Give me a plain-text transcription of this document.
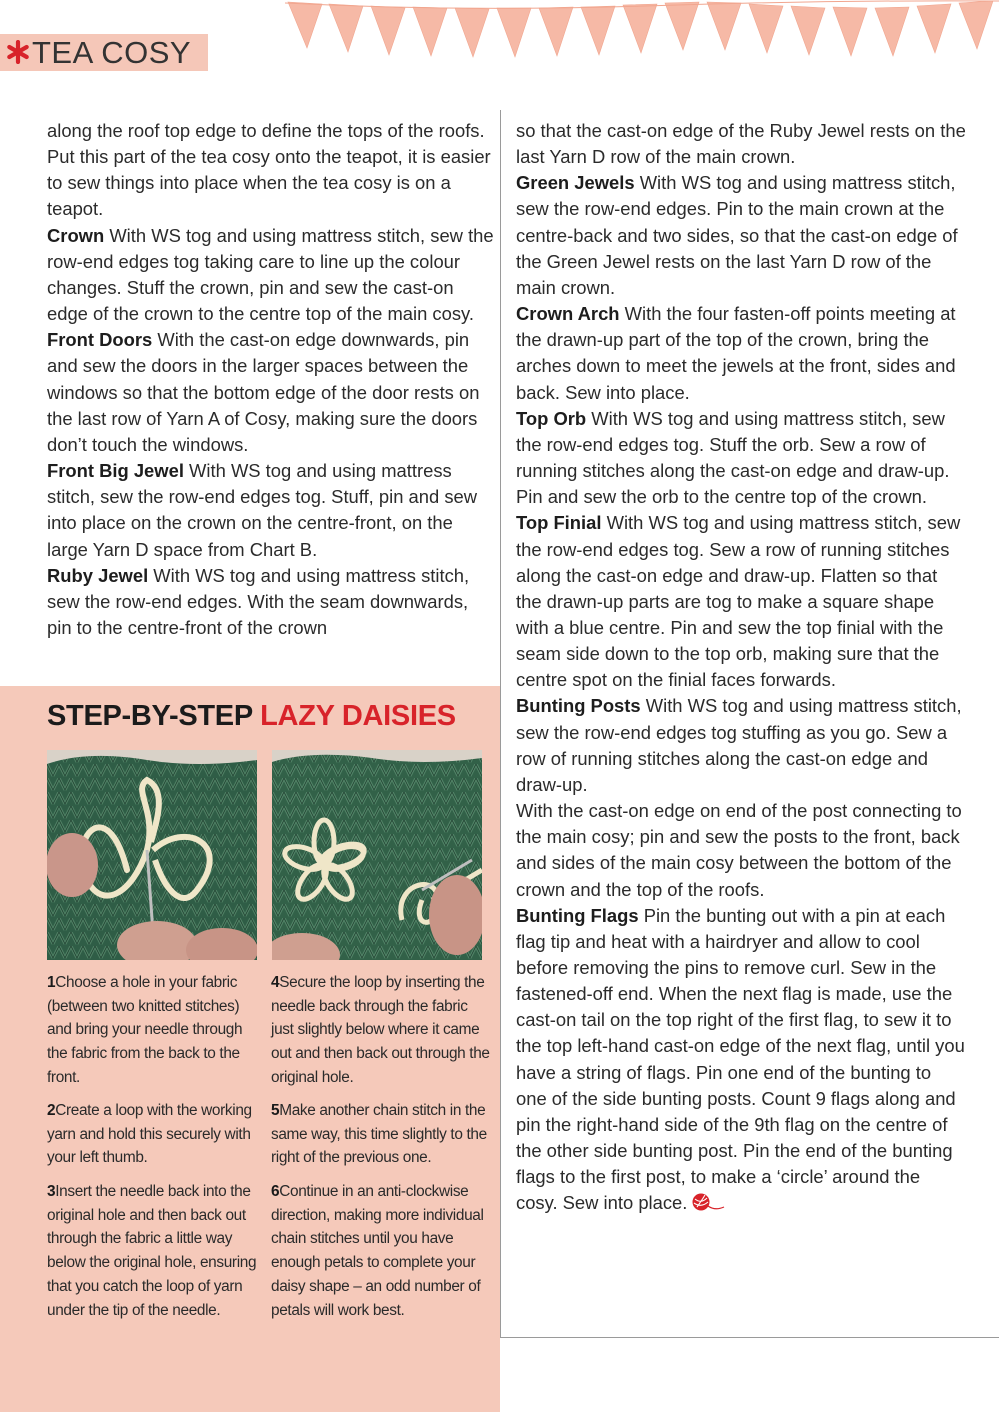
TEA COSY

along the roof top edge to define the tops of the roofs. Put this part of the tea cosy onto the teapot, it is easier to sew things into place when the tea cosy is on a teapot.

Crown With WS tog and using mattress stitch, sew the row-end edges tog taking care to line up the colour changes. Stuff the crown, pin and sew the cast-on edge of the crown to the centre top of the main cosy.

Front Doors With the cast-on edge downwards, pin and sew the doors in the larger spaces between the windows so that the bottom edge of the door rests on the last row of Yarn A of Cosy, making sure the doors don’t touch the windows.

Front Big Jewel With WS tog and using mattress stitch, sew the row-end edges tog. Stuff, pin and sew into place on the crown on the centre-front, on the large Yarn D space from Chart B.

Ruby Jewel With WS tog and using mattress stitch, sew the row-end edges. With the seam downwards, pin to the centre-front of the crown

so that the cast-on edge of the Ruby Jewel rests on the last Yarn D row of the main crown.

Green Jewels With WS tog and using mattress stitch, sew the row-end edges. Pin to the main crown at the centre-back and two sides, so that the cast-on edge of the Green Jewel rests on the last Yarn D row of the main crown.

Crown Arch With the four fasten-off points meeting at the drawn-up part of the top of the crown, bring the arches down to meet the jewels at the front, sides and back. Sew into place.

Top Orb With WS tog and using mattress stitch, sew the row-end edges tog. Stuff the orb. Sew a row of running stitches along the cast-on edge and draw-up. Pin and sew the orb to the centre top of the crown.

Top Finial With WS tog and using mattress stitch, sew the row-end edges tog. Sew a row of running stitches along the cast-on edge and draw-up. Flatten so that the drawn-up parts are tog to make a square shape with a blue centre. Pin and sew the top finial with the seam side down to the top orb, making sure that the centre spot on the finial faces forwards.

Bunting Posts With WS tog and using mattress stitch, sew the row-end edges tog stuffing as you go. Sew a row of running stitches along the cast-on edge and draw-up.

With the cast-on edge on end of the post connecting to the main cosy; pin and sew the posts to the front, back and sides of the main cosy between the bottom of the crown and the top of the roofs.

Bunting Flags Pin the bunting out with a pin at each flag tip and heat with a hairdryer and allow to cool before removing the pins to remove curl. Sew in the fastened-off end. When the next flag is made, use the cast-on tail on the top right of the first flag, to sew it to the top left-hand cast-on edge of the next flag, until you have a string of flags. Pin one end of the bunting to one of the side bunting posts. Count 9 flags along and pin the right-hand side of the 9th flag on the centre of the other side bunting post. Pin the end of the bunting flags to the first post, to make a ‘circle’ around the cosy. Sew into place.

STEP-BY-STEP LAZY DAISIES

1Choose a hole in your fabric (between two knitted stitches) and bring your needle through the fabric from the back to the front.

2Create a loop with the working yarn and hold this securely with your left thumb.

3Insert the needle back into the original hole and then back out through the fabric a little way below the original hole, ensuring that you catch the loop of yarn under the tip of the needle.

4Secure the loop by inserting the needle back through the fabric just slightly below where it came out and then back out through the original hole.

5Make another chain stitch in the same way, this time slightly to the right of the previous one.

6Continue in an anti-clockwise direction, making more individual chain stitches until you have enough petals to complete your daisy shape – an odd number of petals will work best.
